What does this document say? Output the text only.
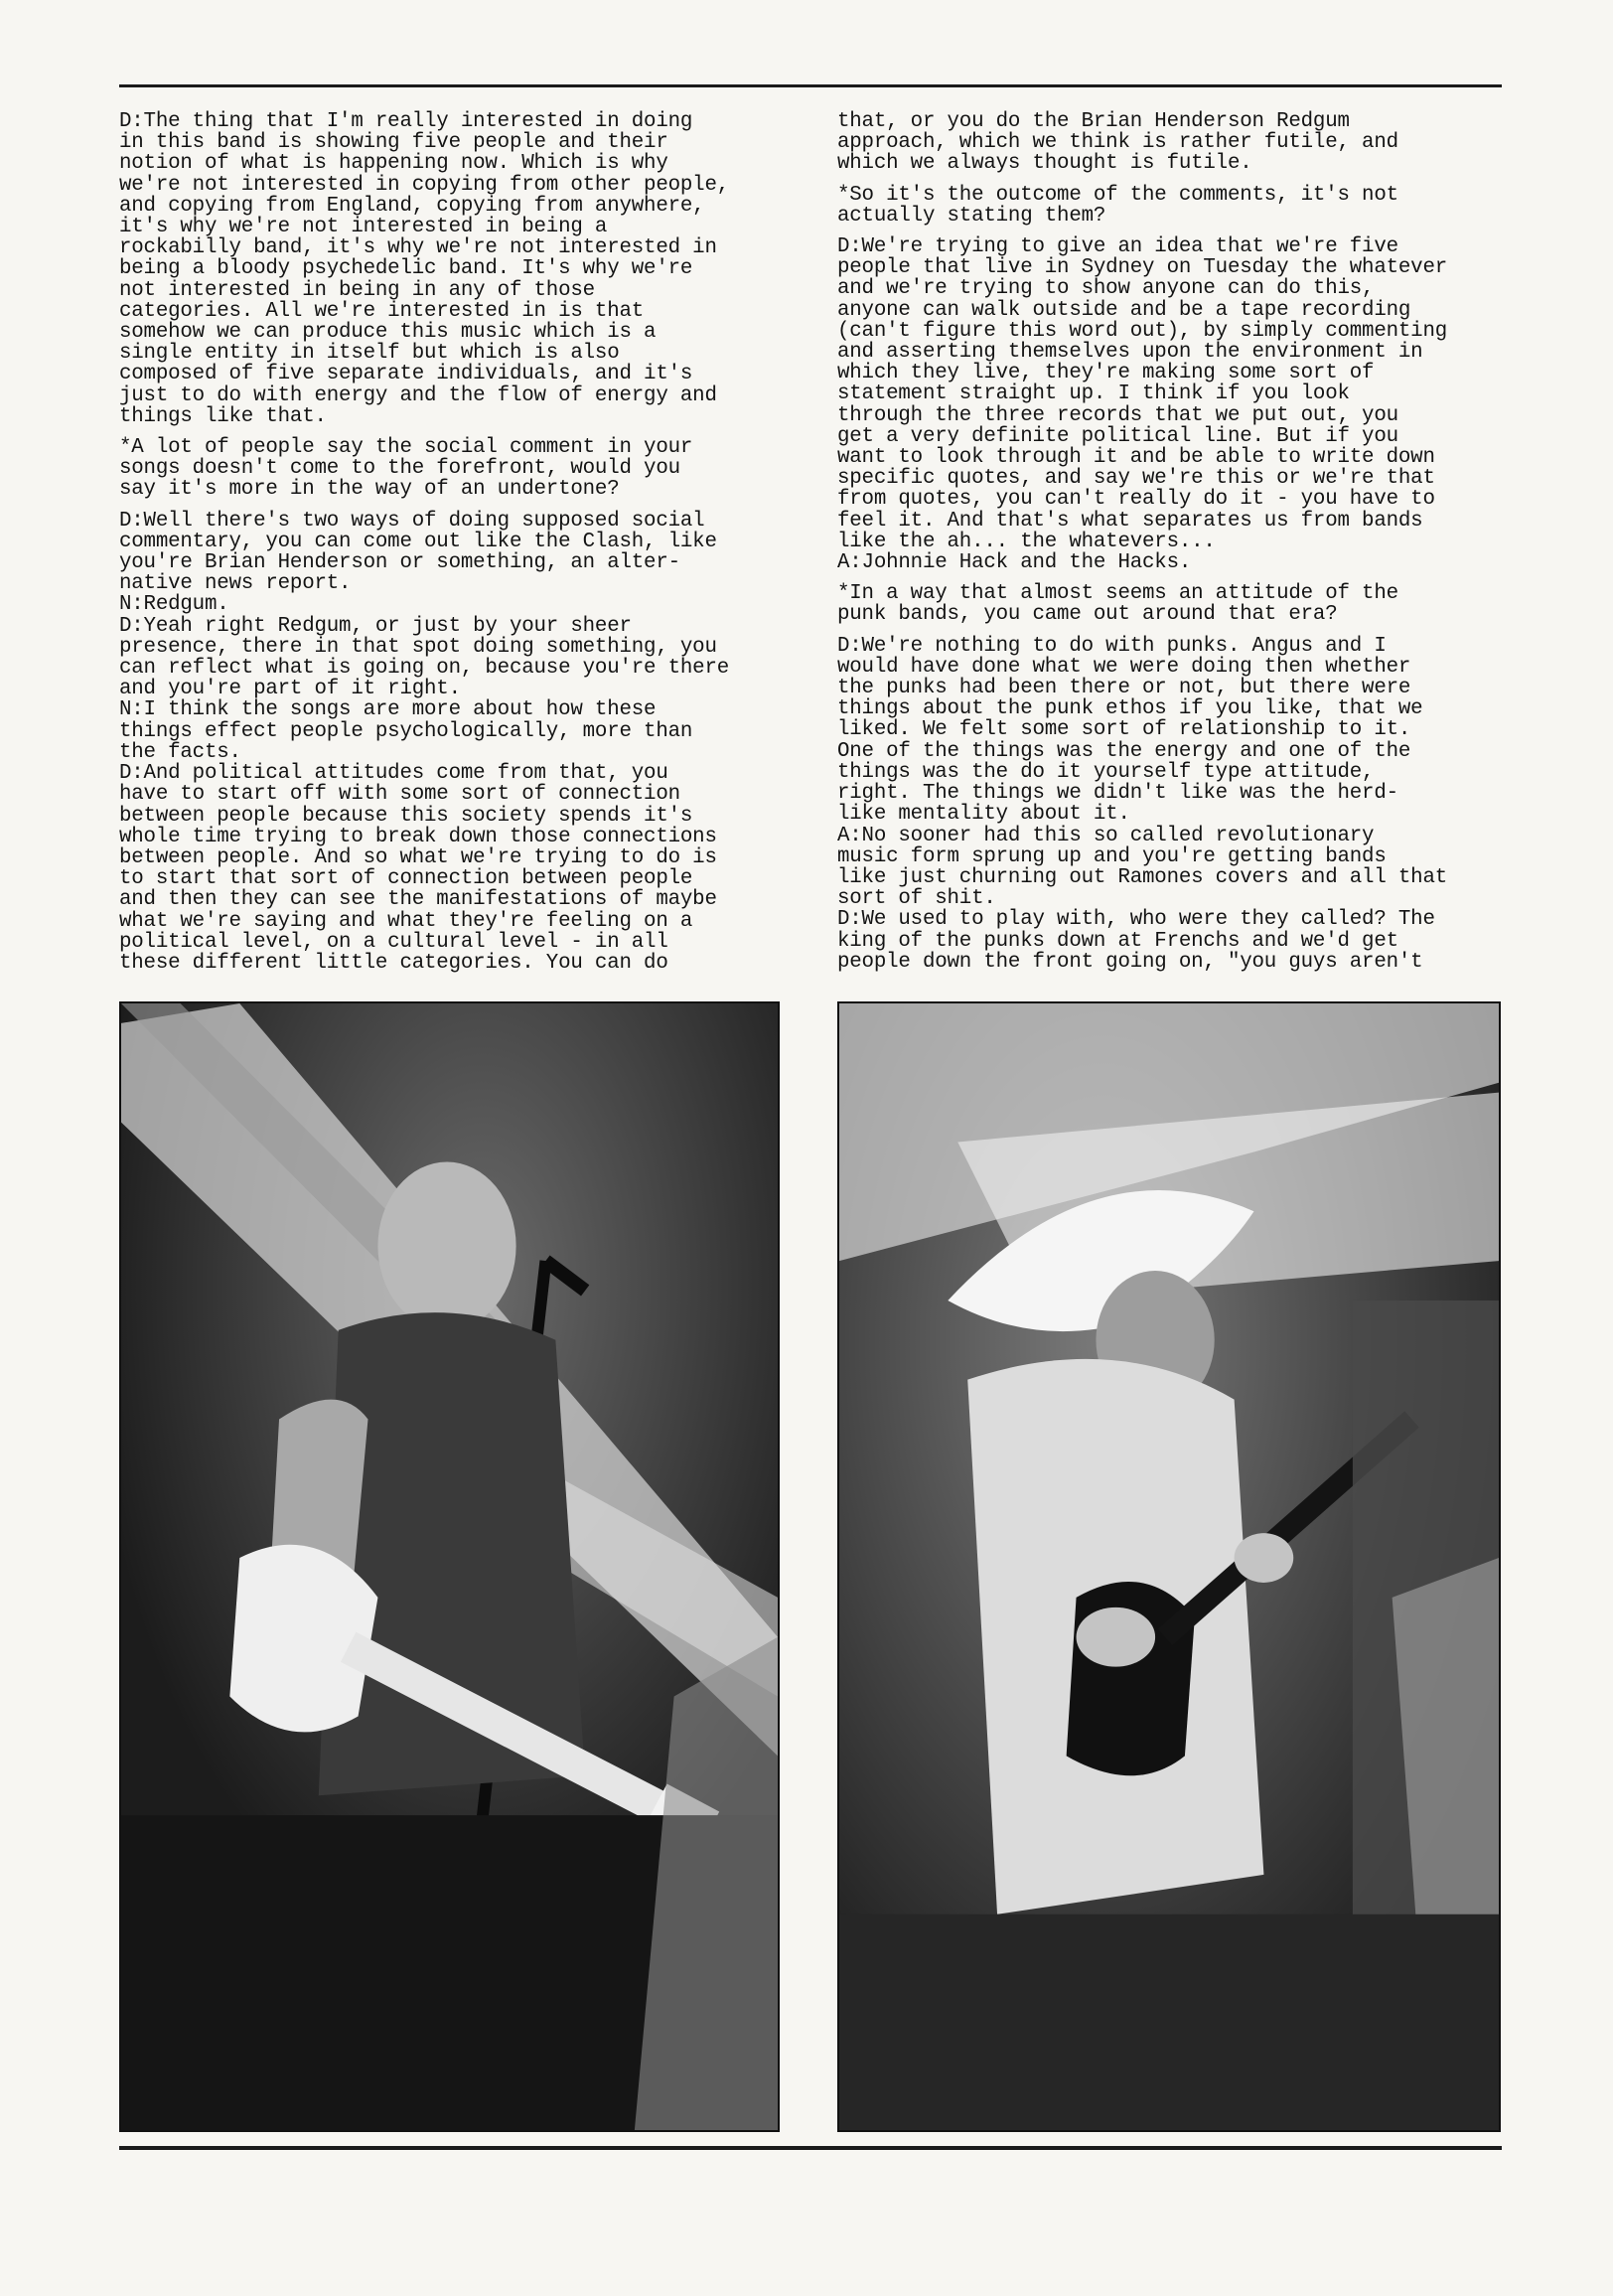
D:The thing that I'm really interested in doing
in this band is showing five people and their
notion of what is happening now. Which is why
we're not interested in copying from other people,
and copying from England, copying from anywhere,
it's why we're not interested in being a
rockabilly band, it's why we're not interested in
being a bloody psychedelic band. It's why we're
not interested in being in any of those
categories. All we're interested in is that
somehow we can produce this music which is a
single entity in itself but which is also
composed of five separate individuals, and it's
just to do with energy and the flow of energy and
things like that.

*A lot of people say the social comment in your
songs doesn't come to the forefront, would you
say it's more in the way of an undertone?

D:Well there's two ways of doing supposed social
commentary, you can come out like the Clash, like
you're Brian Henderson or something, an alter-
native news report.
N:Redgum.
D:Yeah right Redgum, or just by your sheer
presence, there in that spot doing something, you
can reflect what is going on, because you're there
and you're part of it right.
N:I think the songs are more about how these
things effect people psychologically, more than
the facts.
D:And political attitudes come from that, you
have to start off with some sort of connection
between people because this society spends it's
whole time trying to break down those connections
between people. And so what we're trying to do is
to start that sort of connection between people
and then they can see the manifestations of maybe
what we're saying and what they're feeling on a
political level, on a cultural level - in all
these different little categories. You can do

that, or you do the Brian Henderson Redgum
approach, which we think is rather futile, and
which we always thought is futile.

*So it's the outcome of the comments, it's not
actually stating them?

D:We're trying to give an idea that we're five
people that live in Sydney on Tuesday the whatever
and we're trying to show anyone can do this,
anyone can walk outside and be a tape recording
(can't figure this word out), by simply commenting
and asserting themselves upon the environment in
which they live, they're making some sort of
statement straight up. I think if you look
through the three records that we put out, you
get a very definite political line. But if you
want to look through it and be able to write down
specific quotes, and say we're this or we're that
from quotes, you can't really do it - you have to
feel it. And that's what separates us from bands
like the ah... the whatevers...
A:Johnnie Hack and the Hacks.

*In a way that almost seems an attitude of the
punk bands, you came out around that era?

D:We're nothing to do with punks. Angus and I
would have done what we were doing then whether
the punks had been there or not, but there were
things about the punk ethos if you like, that we
liked. We felt some sort of relationship to it.
One of the things was the energy and one of the
things was the do it yourself type attitude,
right. The things we didn't like was the herd-
like mentality about it.
A:No sooner had this so called revolutionary
music form sprung up and you're getting bands
like just churning out Ramones covers and all that
sort of shit.
D:We used to play with, who were they called? The
king of the punks down at Frenchs and we'd get
people down the front going on, "you guys aren't
